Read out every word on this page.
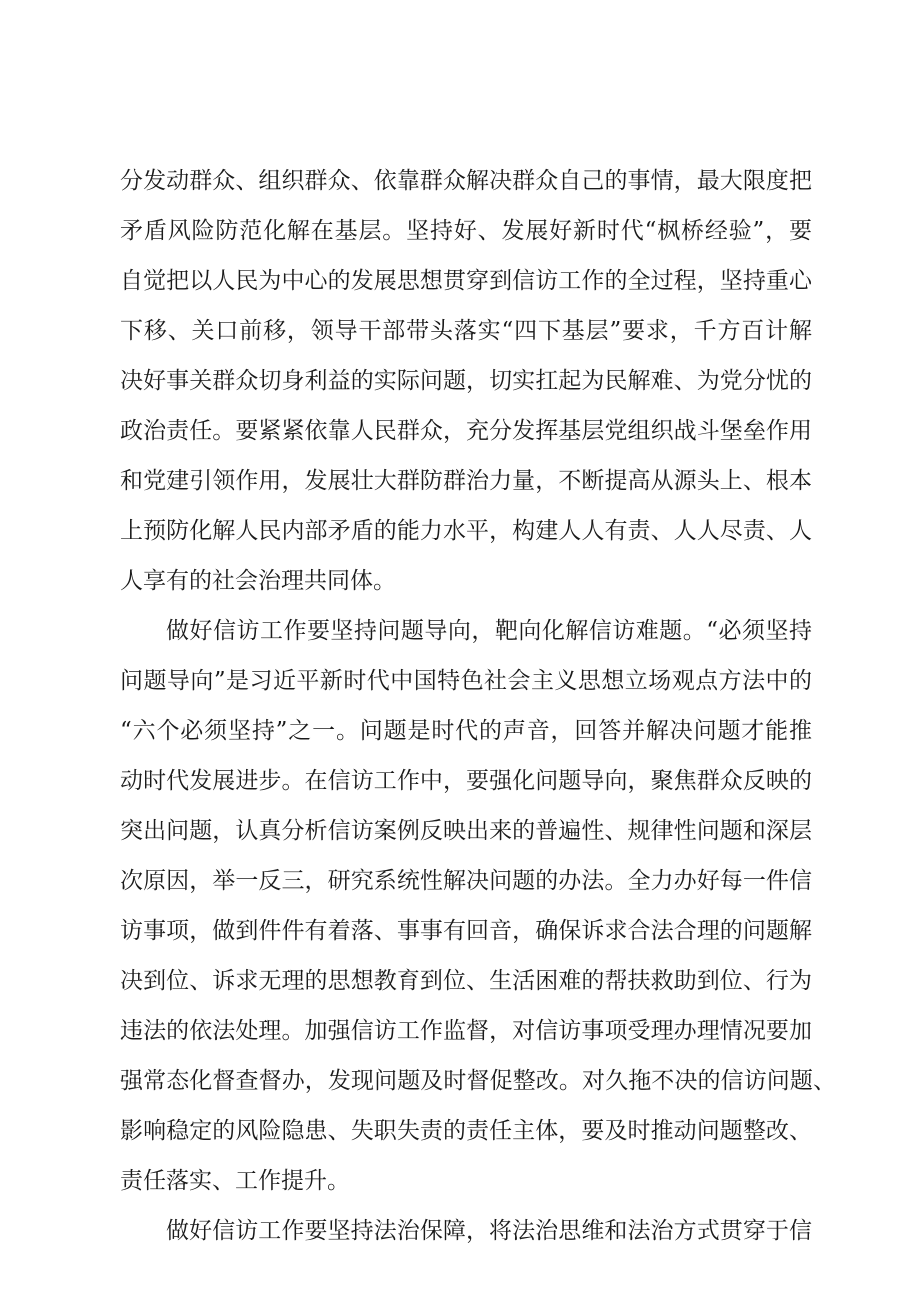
分发动群众、组织群众、依靠群众解决群众自己的事情，最大限度把
矛盾风险防范化解在基层。坚持好、发展好新时代“枫桥经验”，要
自觉把以人民为中心的发展思想贯穿到信访工作的全过程，坚持重心
下移、关口前移，领导干部带头落实“四下基层”要求，千方百计解
决好事关群众切身利益的实际问题，切实扛起为民解难、为党分忧的
政治责任。要紧紧依靠人民群众，充分发挥基层党组织战斗堡垒作用
和党建引领作用，发展壮大群防群治力量，不断提高从源头上、根本
上预防化解人民内部矛盾的能力水平，构建人人有责、人人尽责、人
人享有的社会治理共同体。
做好信访工作要坚持问题导向，靶向化解信访难题。“必须坚持
问题导向”是习近平新时代中国特色社会主义思想立场观点方法中的
“六个必须坚持”之一。问题是时代的声音，回答并解决问题才能推
动时代发展进步。在信访工作中，要强化问题导向，聚焦群众反映的
突出问题，认真分析信访案例反映出来的普遍性、规律性问题和深层
次原因，举一反三，研究系统性解决问题的办法。全力办好每一件信
访事项，做到件件有着落、事事有回音，确保诉求合法合理的问题解
决到位、诉求无理的思想教育到位、生活困难的帮扶救助到位、行为
违法的依法处理。加强信访工作监督，对信访事项受理办理情况要加
强常态化督查督办，发现问题及时督促整改。对久拖不决的信访问题、
影响稳定的风险隐患、失职失责的责任主体，要及时推动问题整改、
责任落实、工作提升。
做好信访工作要坚持法治保障，将法治思维和法治方式贯穿于信
